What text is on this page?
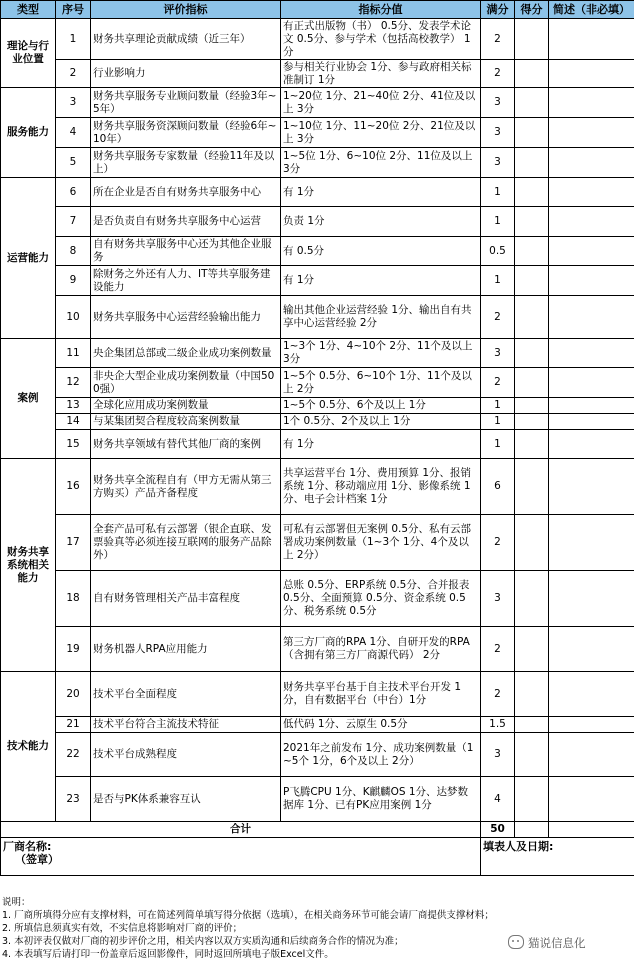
类型	序号	评价指标	指标分值	满分	得分	简述（非必填）
理论与行业位置	1	财务共享理论贡献成绩（近三年）	有正式出版物（书） 0.5分、发表学术论文 0.5分、参与学术（包括高校教学） 1分	2		
	2	行业影响力	参与相关行业协会 1分、参与政府相关标准制订 1分	2		
服务能力	3	财务共享服务专业顾问数量（经验3年~5年）	1~20位 1分、21~40位 2分、41位及以上 3分	3		
	4	财务共享服务资深顾问数量（经验6年~10年）	1~10位 1分、11~20位 2分、21位及以上 3分	3		
	5	财务共享服务专家数量（经验11年及以上）	1~5位 1分、6~10位 2分、11位及以上 3分	3		
运营能力	6	所在企业是否自有财务共享服务中心	有 1分	1		
	7	是否负责自有财务共享服务中心运营	负责 1分	1		
	8	自有财务共享服务中心还为其他企业服务	有 0.5分	0.5		
	9	除财务之外还有人力、IT等共享服务建设能力	有 1分	1		
	10	财务共享服务中心运营经验输出能力	输出其他企业运营经验 1分、输出自有共享中心运营经验 2分	2		
案例	11	央企集团总部或二级企业成功案例数量	1~3个 1分、4~10个 2分、11个及以上 3分	3		
	12	非央企大型企业成功案例数量（中国500强）	1~5个 0.5分、6~10个 1分、11个及以上 2分	2		
	13	全球化应用成功案例数量	1~5个 0.5分、6个及以上 1分	1		
	14	与某集团契合程度较高案例数量	1个 0.5分、2个及以上 1分	1		
	15	财务共享领域有替代其他厂商的案例	有 1分	1		
财务共享系统相关能力	16	财务共享全流程自有（甲方无需从第三方购买）产品齐备程度	共享运营平台 1分、费用预算 1分、报销系统 1分、移动端应用 1分、影像系统 1分、电子会计档案 1分	6		
	17	全套产品可私有云部署（银企直联、发票验真等必须连接互联网的服务产品除外）	可私有云部署但无案例 0.5分、私有云部署成功案例数量（1~3个 1分、4个及以上 2分）	2		
	18	自有财务管理相关产品丰富程度	总账 0.5分、ERP系统 0.5分、合并报表 0.5分、全面预算 0.5分、资金系统 0.5分、税务系统 0.5分	3		
	19	财务机器人RPA应用能力	第三方厂商的RPA 1分、自研开发的RPA（含拥有第三方厂商源代码） 2分	2		
技术能力	20	技术平台全面程度	财务共享平台基于自主技术平台开发 1分，自有数据平台（中台）1分	2		
	21	技术平台符合主流技术特征	低代码 1分、云原生 0.5分	1.5		
	22	技术平台成熟程度	2021年之前发布 1分、成功案例数量（1~5个 1分，6个及以上 2分）	3		
	23	是否与PK体系兼容互认	P飞腾CPU 1分、K麒麟OS 1分、达梦数据库 1分、已有PK应用案例 1分	4		
合计				50		

厂商名称:
（签章）				填表人及日期:		
说明：
1. 厂商所填得分应有支撑材料，可在简述列简单填写得分依据（选填），在相关商务环节可能会请厂商提供支撑材料；
2. 所填信息须真实有效，不实信息将影响对厂商的评价；
3. 本初评表仅做对厂商的初步评价之用，相关内容以双方实质沟通和后续商务合作的情况为准；
4. 本表填写后请打印一份盖章后返回影像件，同时返回所填电子版Excel文件。
猫说信息化
